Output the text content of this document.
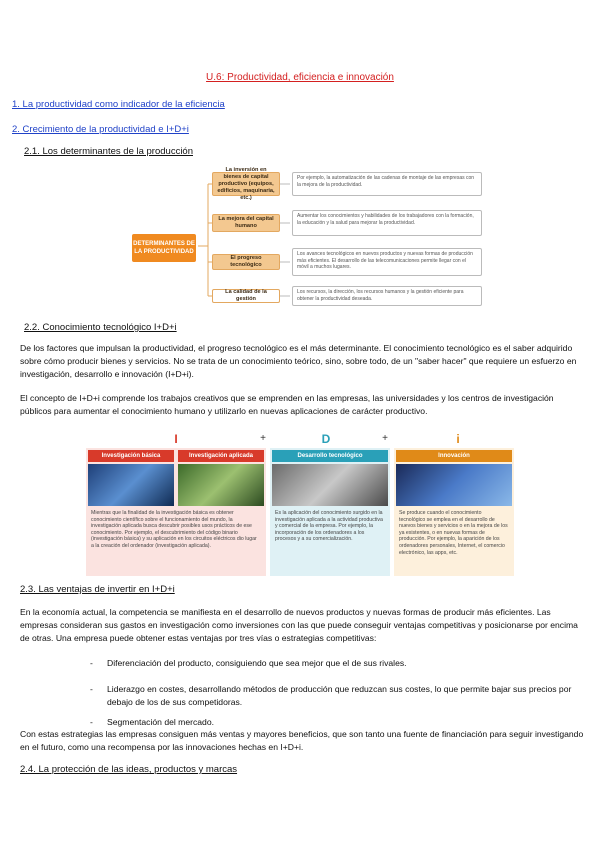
U.6: Productividad, eficiencia e innovación
1. La productividad como indicador de la eficiencia
2. Crecimiento de la productividad e I+D+i
2.1. Los determinantes de la producción
DETERMINANTES DE LA PRODUCTIVIDAD
La inversión en bienes de capital productivo (equipos, edificios, maquinaria, etc.)
Por ejemplo, la automatización de las cadenas de montaje de las empresas con la mejora de la productividad.
La mejora del capital humano
Aumentar los conocimientos y habilidades de los trabajadores con la formación, la educación y la salud para mejorar la productividad.
El progreso tecnológico
Los avances tecnológicos en nuevos productos y nuevas formas de producción más eficientes. El desarrollo de las telecomunicaciones permite llegar con el móvil a muchos lugares.
La calidad de la gestión
Los recursos, la dirección, los recursos humanos y la gestión eficiente para obtener la productividad deseada.
2.2. Conocimiento tecnológico I+D+i
De los factores que impulsan la productividad, el progreso tecnológico es el más determinante. El conocimiento tecnológico es el saber adquirido sobre cómo producir bienes y servicios. No se trata de un conocimiento teórico, sino, sobre todo, de un "saber hacer" que requiere un esfuerzo en investigación, desarrollo e innovación (I+D+i).
El concepto de I+D+i comprende los trabajos creativos que se emprenden en las empresas, las universidades y los centros de investigación públicos para aumentar el conocimiento humano y utilizarlo en nuevas aplicaciones de carácter productivo.
I	+	D	+	i
Investigación básica	Investigación aplicada
Mientras que la finalidad de la investigación básica es obtener conocimiento científico sobre el funcionamiento del mundo, la investigación aplicada busca descubrir posibles usos prácticos de ese conocimiento. Por ejemplo, el descubrimiento del código binario (investigación básica) y su aplicación en los circuitos eléctricos dio lugar a la creación del ordenador (investigación aplicada).
Desarrollo tecnológico
Es la aplicación del conocimiento surgido en la investigación aplicada a la actividad productiva y comercial de la empresa. Por ejemplo, la incorporación de los ordenadores a los procesos y a su comercialización.
Innovación
Se produce cuando el conocimiento tecnológico se emplea en el desarrollo de nuevos bienes y servicios o en la mejora de los ya existentes, o en nuevas formas de producción. Por ejemplo, la aparición de los ordenadores personales, Internet, el comercio electrónico, las apps, etc.
2.3. Las ventajas de invertir en I+D+i
En la economía actual, la competencia se manifiesta en el desarrollo de nuevos productos y nuevas formas de producir más eficientes. Las empresas consideran sus gastos en investigación como inversiones con las que puede conseguir ventajas competitivas y posicionarse por encima de otras. Una empresa puede obtener estas ventajas por tres vías o estrategias competitivas:
- Diferenciación del producto, consiguiendo que sea mejor que el de sus rivales.
- Liderazgo en costes, desarrollando métodos de producción que reduzcan sus costes, lo que permite bajar sus precios por debajo de los de sus competidoras.
- Segmentación del mercado.
Con estas estrategias las empresas consiguen más ventas y mayores beneficios, que son tanto una fuente de financiación para seguir investigando en el futuro, como una recompensa por las innovaciones hechas en I+D+i.
2.4. La protección de las ideas, productos y marcas
